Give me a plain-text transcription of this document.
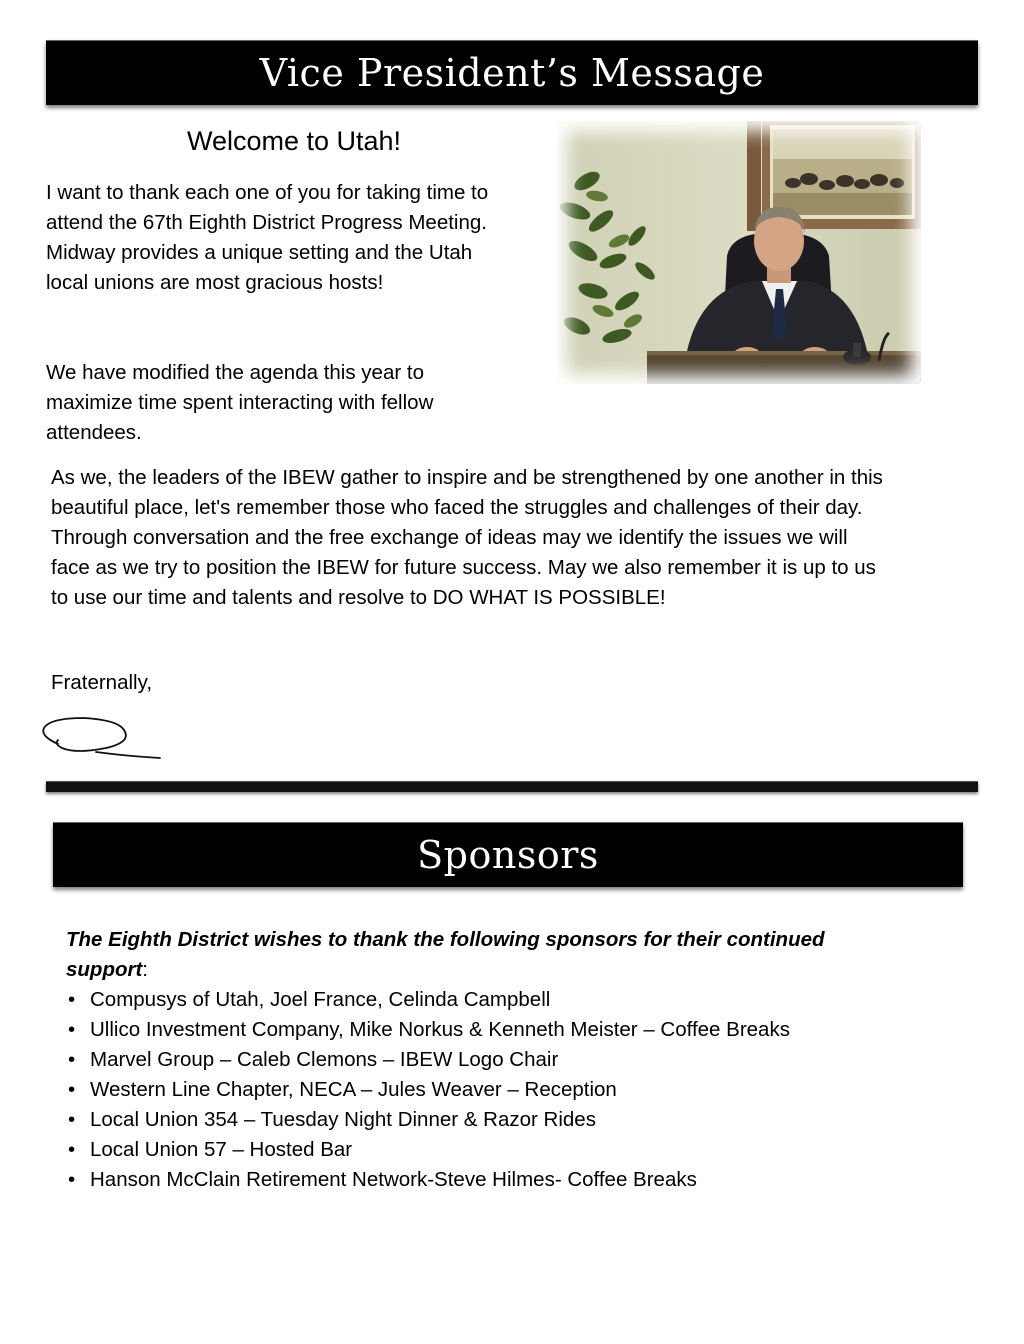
Vice President’s Message
Welcome to Utah!
I want to thank each one of you for taking time to attend the 67th Eighth District Progress Meeting. Midway provides a unique setting and the Utah local unions are most gracious hosts!
We have modified the agenda this year to maximize time spent interacting with fellow attendees.
As we, the leaders of the IBEW gather to inspire and be strengthened by one another in this beautiful place, let's remember those who faced the struggles and challenges of their day. Through conversation and the free exchange of ideas may we identify the issues we will face as we try to position the IBEW for future success. May we also remember it is up to us to use our time and talents and resolve to DO WHAT IS POSSIBLE!
Fraternally,
Sponsors
The Eighth District wishes to thank the following sponsors for their continued support:
• Compusys of Utah, Joel France, Celinda Campbell
• Ullico Investment Company, Mike Norkus & Kenneth Meister – Coffee Breaks
• Marvel Group – Caleb Clemons – IBEW Logo Chair
• Western Line Chapter, NECA – Jules Weaver – Reception
• Local Union 354 – Tuesday Night Dinner & Razor Rides
• Local Union 57 – Hosted Bar
• Hanson McClain Retirement Network-Steve Hilmes- Coffee Breaks
